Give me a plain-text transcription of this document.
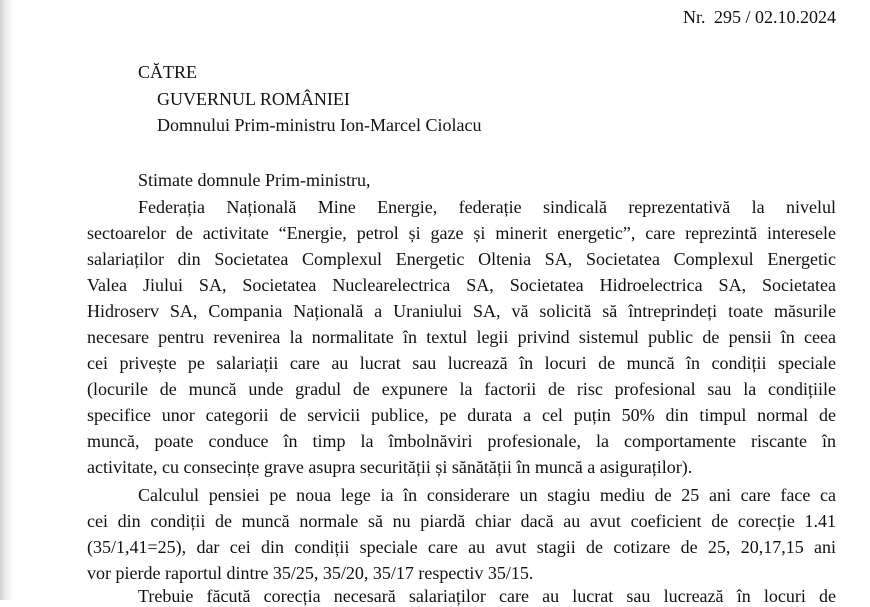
Nr. 295 / 02.10.2024
CĂTRE
GUVERNUL ROMÂNIEI
Domnului Prim-ministru Ion-Marcel Ciolacu
Stimate domnule Prim-ministru,
Federația Națională Mine Energie, federație sindicală reprezentativă la nivelul
sectoarelor de activitate “Energie, petrol și gaze și minerit energetic”, care reprezintă interesele
salariaților din Societatea Complexul Energetic Oltenia SA, Societatea Complexul Energetic
Valea Jiului SA, Societatea Nuclearelectrica SA, Societatea Hidroelectrica SA, Societatea
Hidroserv SA, Compania Națională a Uraniului SA, vă solicită să întreprindeți toate măsurile
necesare pentru revenirea la normalitate în textul legii privind sistemul public de pensii în ceea
cei privește pe salariații care au lucrat sau lucrează în locuri de muncă în condiții speciale
(locurile de muncă unde gradul de expunere la factorii de risc profesional sau la condițiile
specifice unor categorii de servicii publice, pe durata a cel puțin 50% din timpul normal de
muncă, poate conduce în timp la îmbolnăviri profesionale, la comportamente riscante în
activitate, cu consecințe grave asupra securității și sănătății în muncă a asiguraților).
Calculul pensiei pe noua lege ia în considerare un stagiu mediu de 25 ani care face ca
cei din condiții de muncă normale să nu piardă chiar dacă au avut coeficient de corecție 1.41
(35/1,41=25), dar cei din condiții speciale care au avut stagii de cotizare de 25, 20,17,15 ani
vor pierde raportul dintre 35/25, 35/20, 35/17 respectiv 35/15.
Trebuie făcută corecția necesară salariaților care au lucrat sau lucrează în locuri de
